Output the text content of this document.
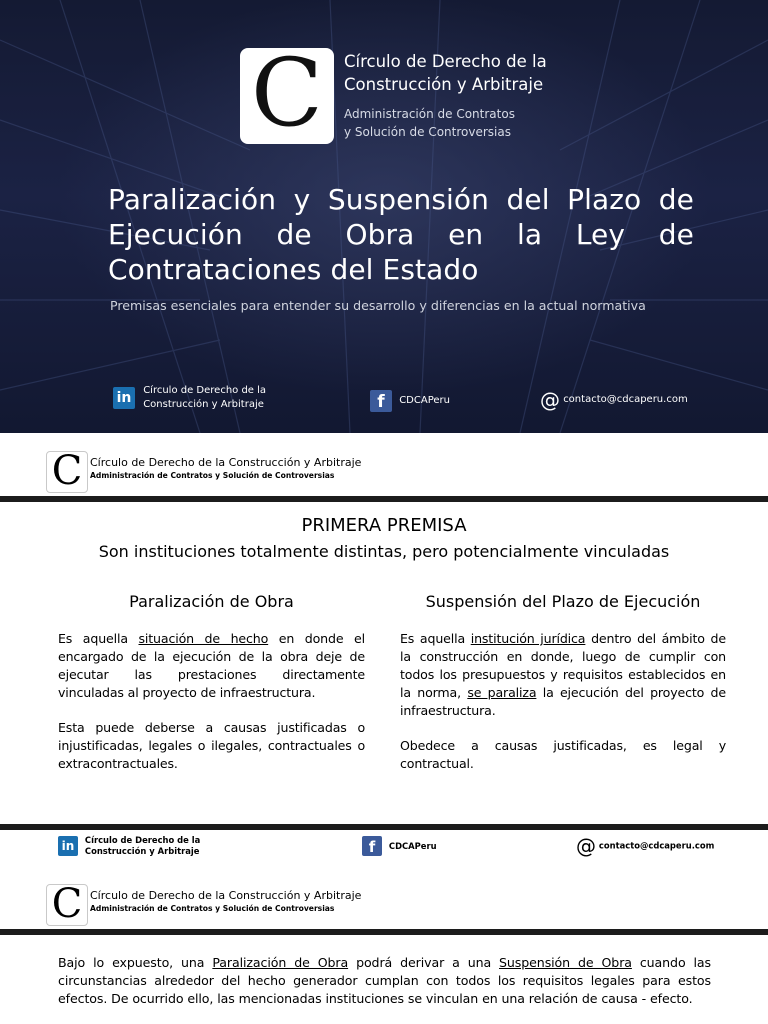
C Círculo de Derecho de la
Construcción y Arbitraje
Administración de Contratos
y Solución de Controversias
Paralización y Suspensión del Plazo de Ejecución de Obra en la Ley de Contrataciones del Estado
Premisas esenciales para entender su desarrollo y diferencias en la actual normativa
in Círculo de Derecho de la
Construcción y Arbitraje	f CDCAPeru	@ contacto@cdcaperu.com
C Círculo de Derecho de la Construcción y Arbitraje
Administración de Contratos y Solución de Controversias
PRIMERA PREMISA
Son instituciones totalmente distintas, pero potencialmente vinculadas
Paralización de Obra	Suspensión del Plazo de Ejecución

Es aquella situación de hecho en donde el encargado de la ejecución de la obra deje de ejecutar las prestaciones directamente vinculadas al proyecto de infraestructura.

Esta puede deberse a causas justificadas o injustificadas, legales o ilegales, contractuales o extracontractuales.

Es aquella institución jurídica dentro del ámbito de la construcción en donde, luego de cumplir con todos los presupuestos y requisitos establecidos en la norma, se paraliza la ejecución del proyecto de infraestructura.

Obedece a causas justificadas, es legal y contractual.

in Círculo de Derecho de la
Construcción y Arbitraje	f CDCAPeru	@ contacto@cdcaperu.com
C Círculo de Derecho de la Construcción y Arbitraje
Administración de Contratos y Solución de Controversias
Bajo lo expuesto, una Paralización de Obra podrá derivar a una Suspensión de Obra cuando las circunstancias alrededor del hecho generador cumplan con todos los requisitos legales para estos efectos. De ocurrido ello, las mencionadas instituciones se vinculan en una relación de causa - efecto.
